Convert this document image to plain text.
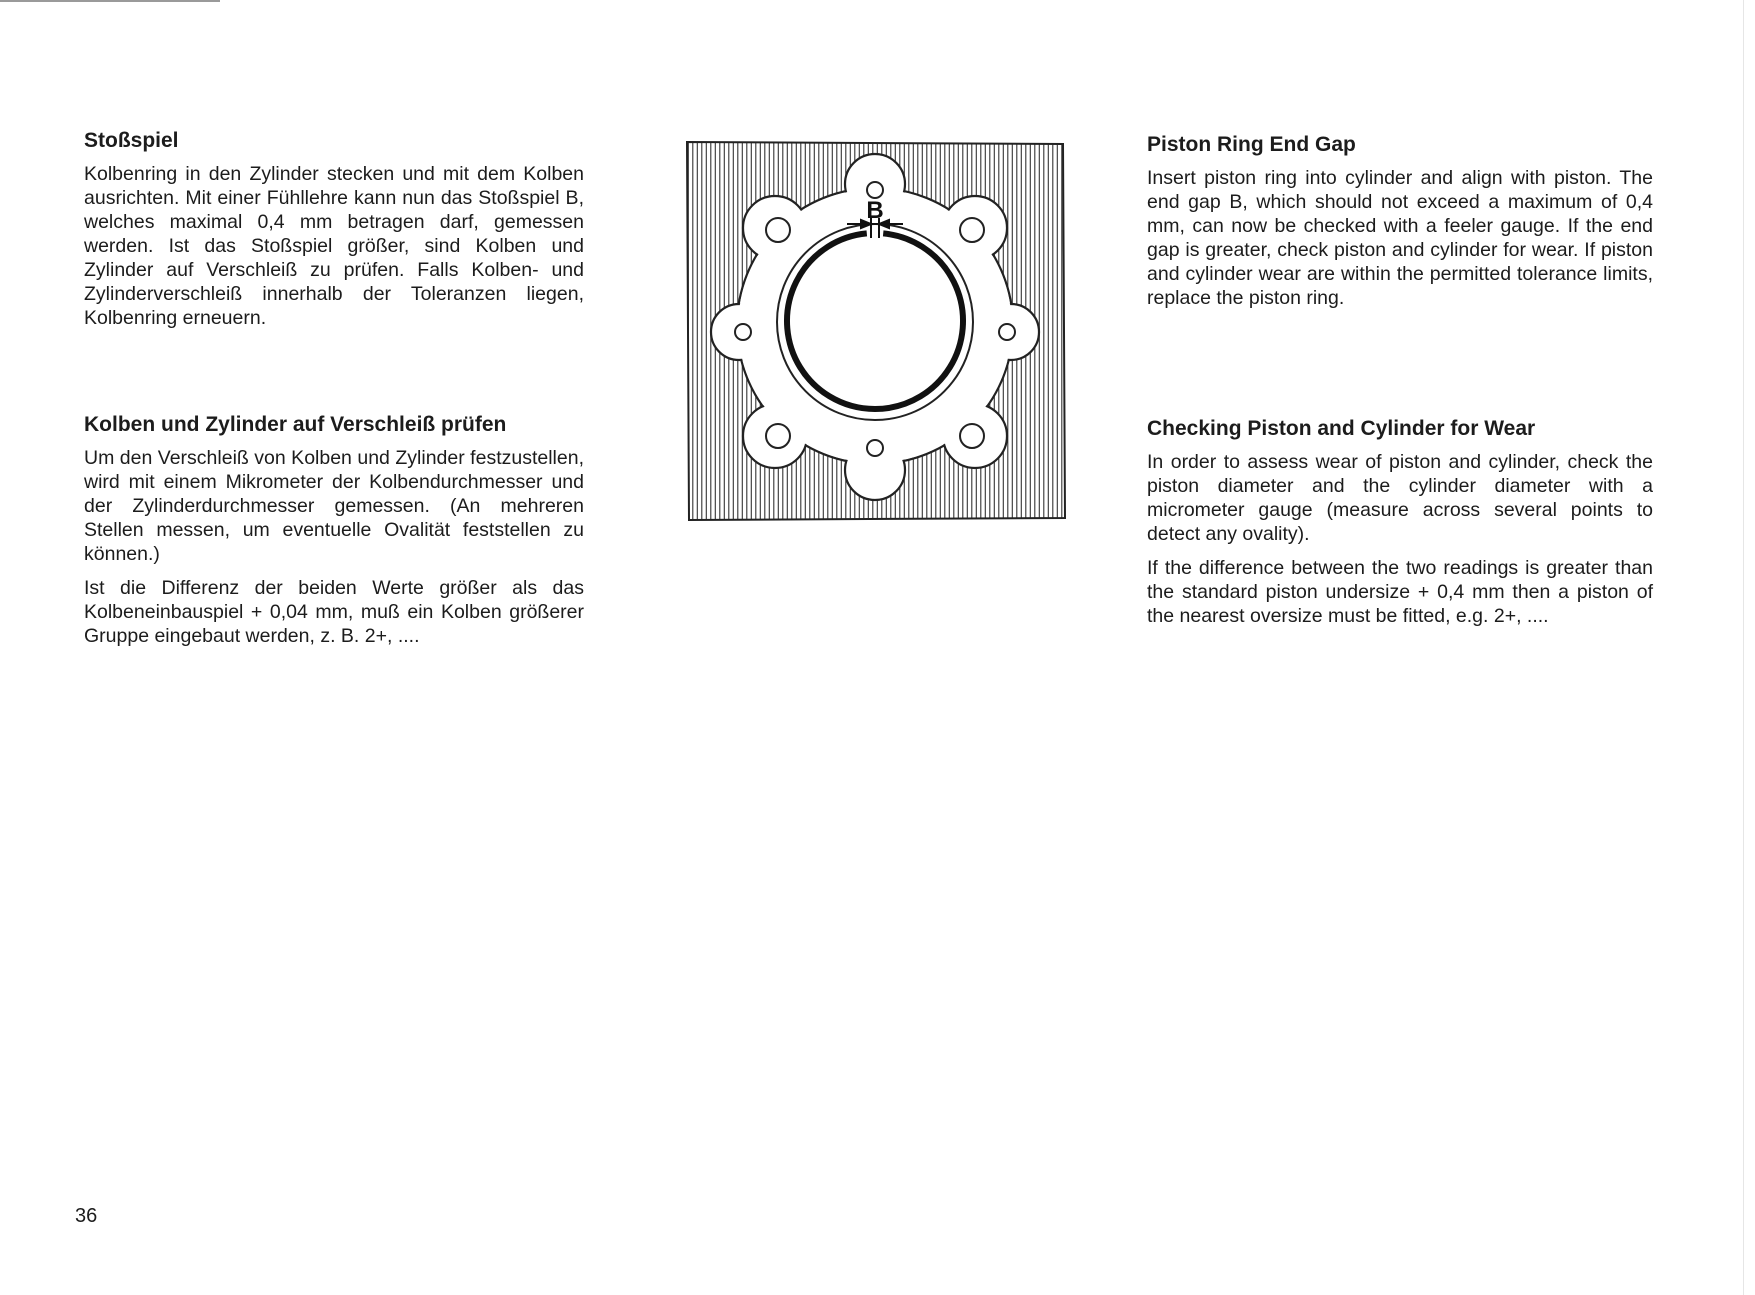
Stoßspiel

Kolbenring in den Zylinder stecken und mit dem Kolben ausrichten. Mit einer Fühllehre kann nun das Stoßspiel B, welches maximal 0,4 mm betragen darf, gemessen werden. Ist das Stoßspiel größer, sind Kolben und Zylinder auf Verschleiß zu prüfen. Falls Kolben- und Zylinderverschleiß innerhalb der Toleranzen liegen, Kolbenring erneuern.

Kolben und Zylinder auf Verschleiß prüfen

Um den Verschleiß von Kolben und Zylinder festzustellen, wird mit einem Mikrometer der Kolbendurchmesser und der Zylinderdurchmesser gemessen. (An mehreren Stellen messen, um eventuelle Ovalität feststellen zu können.)

Ist die Differenz der beiden Werte größer als das Kolbeneinbauspiel + 0,04 mm, muß ein Kolben größerer Gruppe eingebaut werden, z. B. 2+, ....

B
Piston Ring End Gap

Insert piston ring into cylinder and align with piston. The end gap B, which should not exceed a maximum of 0,4 mm, can now be checked with a feeler gauge. If the end gap is greater, check piston and cylinder for wear. If piston and cylinder wear are within the permitted tolerance limits, replace the piston ring.

Checking Piston and Cylinder for Wear

In order to assess wear of piston and cylinder, check the piston diameter and the cylinder diameter with a micrometer gauge (measure across several points to detect any ovality).

If the difference between the two readings is greater than the standard piston undersize + 0,4 mm then a piston of the nearest oversize must be fitted, e.g. 2+, ....

36
